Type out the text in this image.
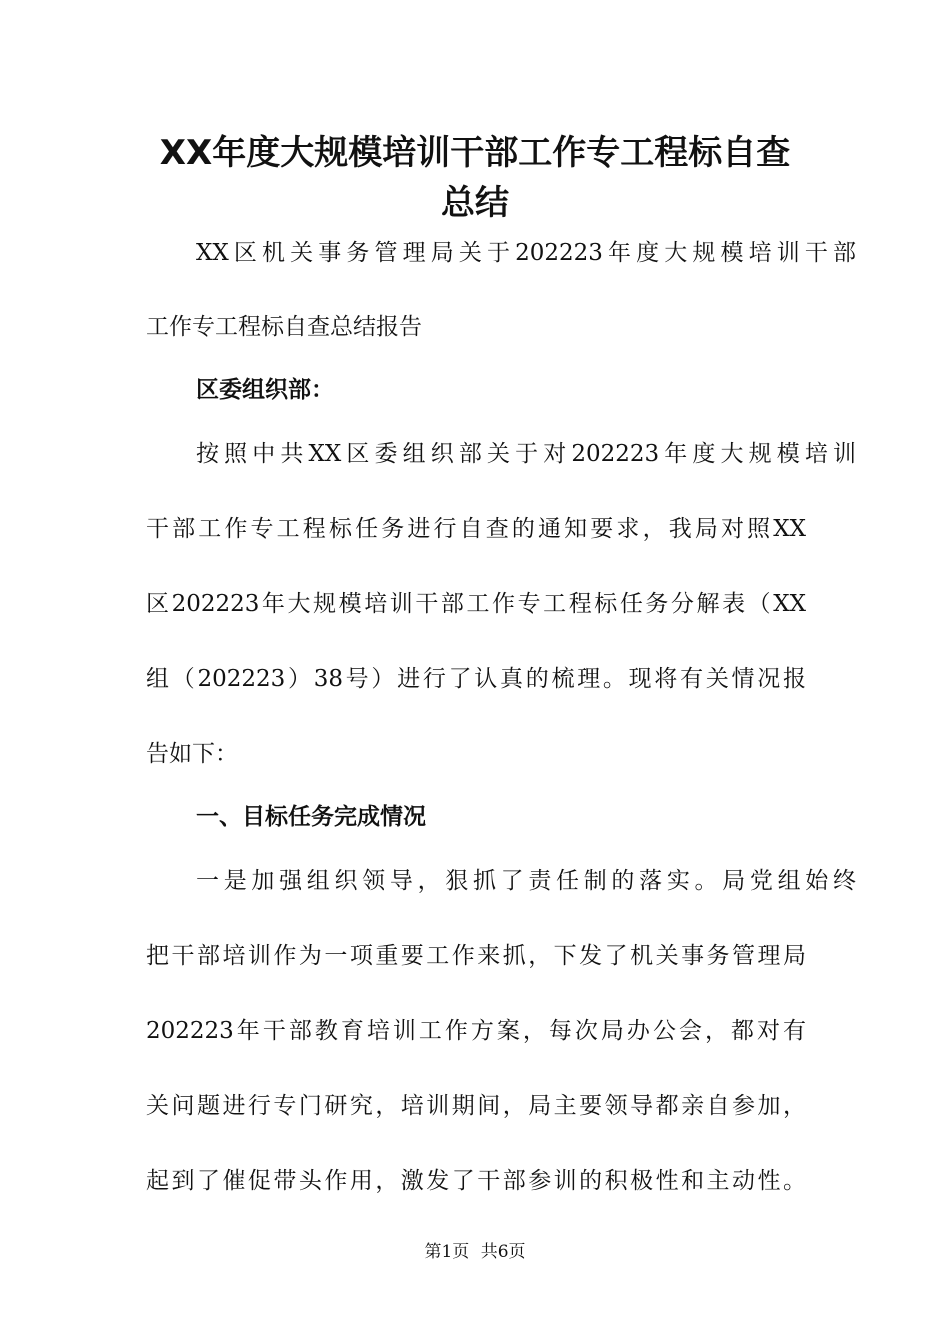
XX年度大规模培训干部工作专工程标自查
总结

XX区机关事务管理局关于202223年度大规模培训干部

工作专工程标自查总结报告

区委组织部：

按照中共XX区委组织部关于对202223年度大规模培训

干部工作专工程标任务进行自查的通知要求，我局对照XX

区202223年大规模培训干部工作专工程标任务分解表（XX

组（202223）38号）进行了认真的梳理。现将有关情况报

告如下：

一、目标任务完成情况

一是加强组织领导，狠抓了责任制的落实。局党组始终

把干部培训作为一项重要工作来抓，下发了机关事务管理局

202223年干部教育培训工作方案，每次局办公会，都对有

关问题进行专门研究，培训期间，局主要领导都亲自参加，

起到了催促带头作用，激发了干部参训的积极性和主动性。

第1页 共6页
